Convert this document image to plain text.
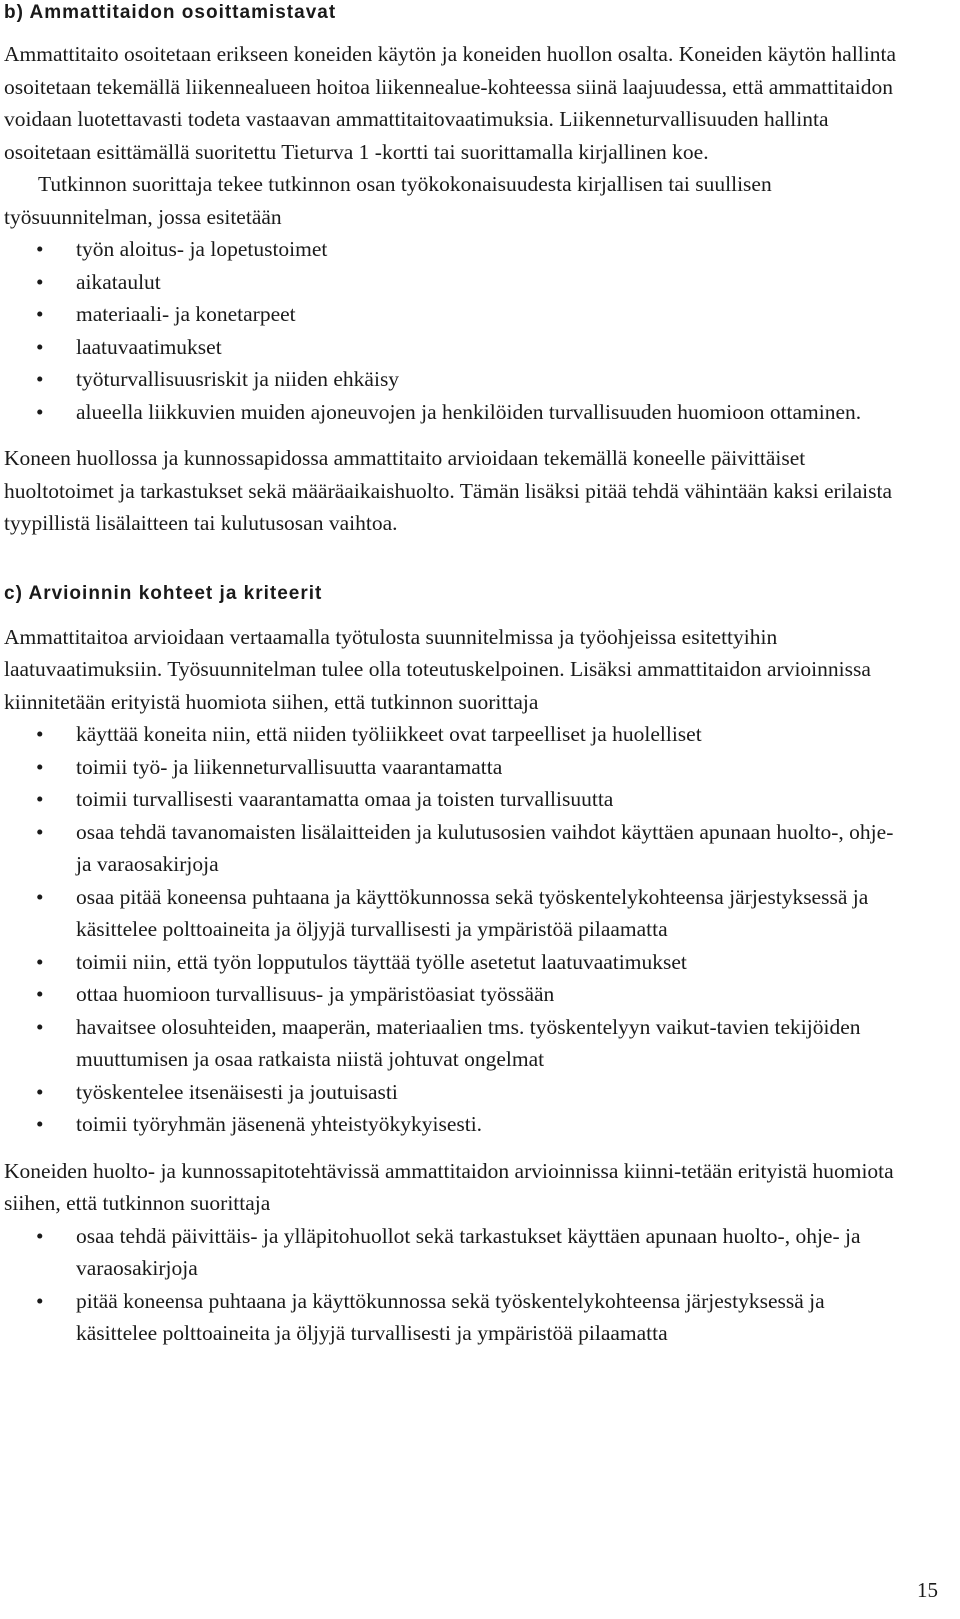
b) Ammattitaidon osoittamistavat

Ammattitaito osoitetaan erikseen koneiden käytön ja koneiden huollon osalta. Koneiden käytön hallinta osoitetaan tekemällä liikennealueen hoitoa liikennealue-kohteessa siinä laajuudessa, että ammattitaidon voidaan luotettavasti todeta vastaavan ammattitaitovaatimuksia. Liikenneturvallisuuden hallinta osoitetaan esittämällä suoritettu Tieturva 1 -kortti tai suorittamalla kirjallinen koe.

Tutkinnon suorittaja tekee tutkinnon osan työkokonaisuudesta kirjallisen tai suullisen työsuunnitelman, jossa esitetään

• työn aloitus- ja lopetustoimet
• aikataulut
• materiaali- ja konetarpeet
• laatuvaatimukset
• työturvallisuusriskit ja niiden ehkäisy
• alueella liikkuvien muiden ajoneuvojen ja henkilöiden turvallisuuden huomioon ottaminen.

Koneen huollossa ja kunnossapidossa ammattitaito arvioidaan tekemällä koneelle päivittäiset huoltotoimet ja tarkastukset sekä määräaikaishuolto. Tämän lisäksi pitää tehdä vähintään kaksi erilaista tyypillistä lisälaitteen tai kulutusosan vaihtoa.

c) Arvioinnin kohteet ja kriteerit

Ammattitaitoa arvioidaan vertaamalla työtulosta suunnitelmissa ja työohjeissa esitettyihin laatuvaatimuksiin. Työsuunnitelman tulee olla toteutuskelpoinen. Lisäksi ammattitaidon arvioinnissa kiinnitetään erityistä huomiota siihen, että tutkinnon suorittaja

• käyttää koneita niin, että niiden työliikkeet ovat tarpeelliset ja huolelliset
• toimii työ- ja liikenneturvallisuutta vaarantamatta
• toimii turvallisesti vaarantamatta omaa ja toisten turvallisuutta
• osaa tehdä tavanomaisten lisälaitteiden ja kulutusosien vaihdot käyttäen apunaan huolto-, ohje- ja varaosakirjoja
• osaa pitää koneensa puhtaana ja käyttökunnossa sekä työskentelykohteensa järjestyksessä ja käsittelee polttoaineita ja öljyjä turvallisesti ja ympäristöä pilaamatta
• toimii niin, että työn lopputulos täyttää työlle asetetut laatuvaatimukset
• ottaa huomioon turvallisuus- ja ympäristöasiat työssään
• havaitsee olosuhteiden, maaperän, materiaalien tms. työskentelyyn vaikut-tavien tekijöiden muuttumisen ja osaa ratkaista niistä johtuvat ongelmat
• työskentelee itsenäisesti ja joutuisasti
• toimii työryhmän jäsenenä yhteistyökykyisesti.

Koneiden huolto- ja kunnossapitotehtävissä ammattitaidon arvioinnissa kiinni-tetään erityistä huomiota siihen, että tutkinnon suorittaja

• osaa tehdä päivittäis- ja ylläpitohuollot sekä tarkastukset käyttäen apunaan huolto-, ohje- ja varaosakirjoja
• pitää koneensa puhtaana ja käyttökunnossa sekä työskentelykohteensa järjestyksessä ja käsittelee polttoaineita ja öljyjä turvallisesti ja ympäristöä pilaamatta
15
